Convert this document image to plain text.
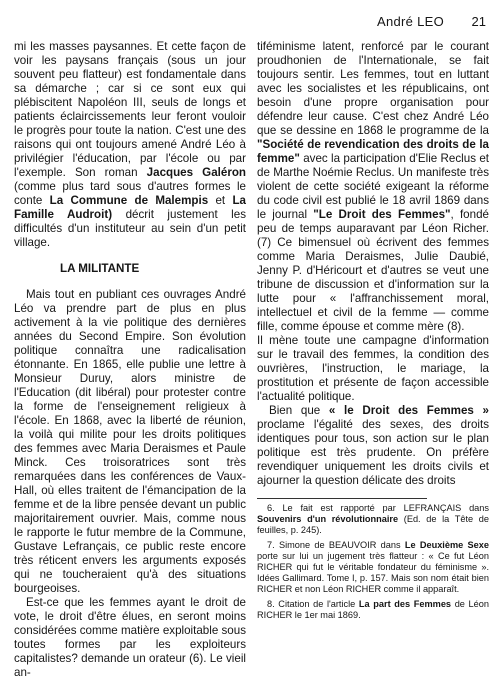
André LEO 21

mi les masses paysannes. Et cette façon de voir les paysans français (sous un jour souvent peu flatteur) est fondamentale dans sa démarche ; car si ce sont eux qui plébiscitent Napoléon III, seuls de longs et patients éclaircissements leur feront vouloir le progrès pour toute la nation. C'est une des raisons qui ont toujours amené André Léo à privilégier l'éducation, par l'école ou par l'exemple. Son roman Jacques Galéron (comme plus tard sous d'autres formes le conte La Commune de Malempis et La Famille Audroit) décrit justement les difficultés d'un instituteur au sein d'un petit village.

LA MILITANTE

Mais tout en publiant ces ouvrages André Léo va prendre part de plus en plus activement à la vie politique des dernières années du Second Empire. Son évolution politique connaîtra une radicalisation étonnante. En 1865, elle publie une lettre à Monsieur Duruy, alors ministre de l'Education (dit libéral) pour protester contre la forme de l'enseignement religieux à l'école. En 1868, avec la liberté de réunion, la voilà qui milite pour les droits politiques des femmes avec Maria Deraismes et Paule Minck. Ces troisoratrices sont très remarquées dans les conférences de Vaux-Hall, où elles traitent de l'émancipation de la femme et de la libre pensée devant un public majoritairement ouvrier. Mais, comme nous le rapporte le futur membre de la Commune, Gustave Lefrançais, ce public reste encore très réticent envers les arguments exposés qui ne toucheraient qu'à des situations bourgeoises.

Est-ce que les femmes ayant le droit de vote, le droit d'être élues, en seront moins considérées comme matière exploitable sous toutes formes par les exploiteurs capitalistes? demande un orateur (6). Le vieil an-

tiféminisme latent, renforcé par le courant proudhonien de l'Internationale, se fait toujours sentir. Les femmes, tout en luttant avec les socialistes et les républicains, ont besoin d'une propre organisation pour défendre leur cause. C'est chez André Léo que se dessine en 1868 le programme de la "Société de revendication des droits de la femme" avec la participation d'Elie Reclus et de Marthe Noémie Reclus. Un manifeste très violent de cette société exigeant la réforme du code civil est publié le 18 avril 1869 dans le journal "Le Droit des Femmes", fondé peu de temps auparavant par Léon Richer. (7) Ce bimensuel où écrivent des femmes comme Maria Deraismes, Julie Daubié, Jenny P. d'Héricourt et d'autres se veut une tribune de discussion et d'information sur la lutte pour « l'affranchissement moral, intellectuel et civil de la femme — comme fille, comme épouse et comme mère (8).

Il mène toute une campagne d'information sur le travail des femmes, la condition des ouvrières, l'instruction, le mariage, la prostitution et présente de façon accessible l'actualité politique.

Bien que « le Droit des Femmes » proclame l'égalité des sexes, des droits identiques pour tous, son action sur le plan politique est très prudente. On préfère revendiquer uniquement les droits civils et ajourner la question délicate des droits

6. Le fait est rapporté par LEFRANÇAIS dans Souvenirs d'un révolutionnaire (Ed. de la Tête de feuilles, p. 245).

7. Simone de BEAUVOIR dans Le Deuxième Sexe porte sur lui un jugement très flatteur : « Ce fut Léon RICHER qui fut le véritable fondateur du féminisme ». Idées Gallimard. Tome I, p. 157. Mais son nom était bien RICHER et non Léon RICHER comme il apparaît.

8. Citation de l'article La part des Femmes de Léon RICHER le 1er mai 1869.
